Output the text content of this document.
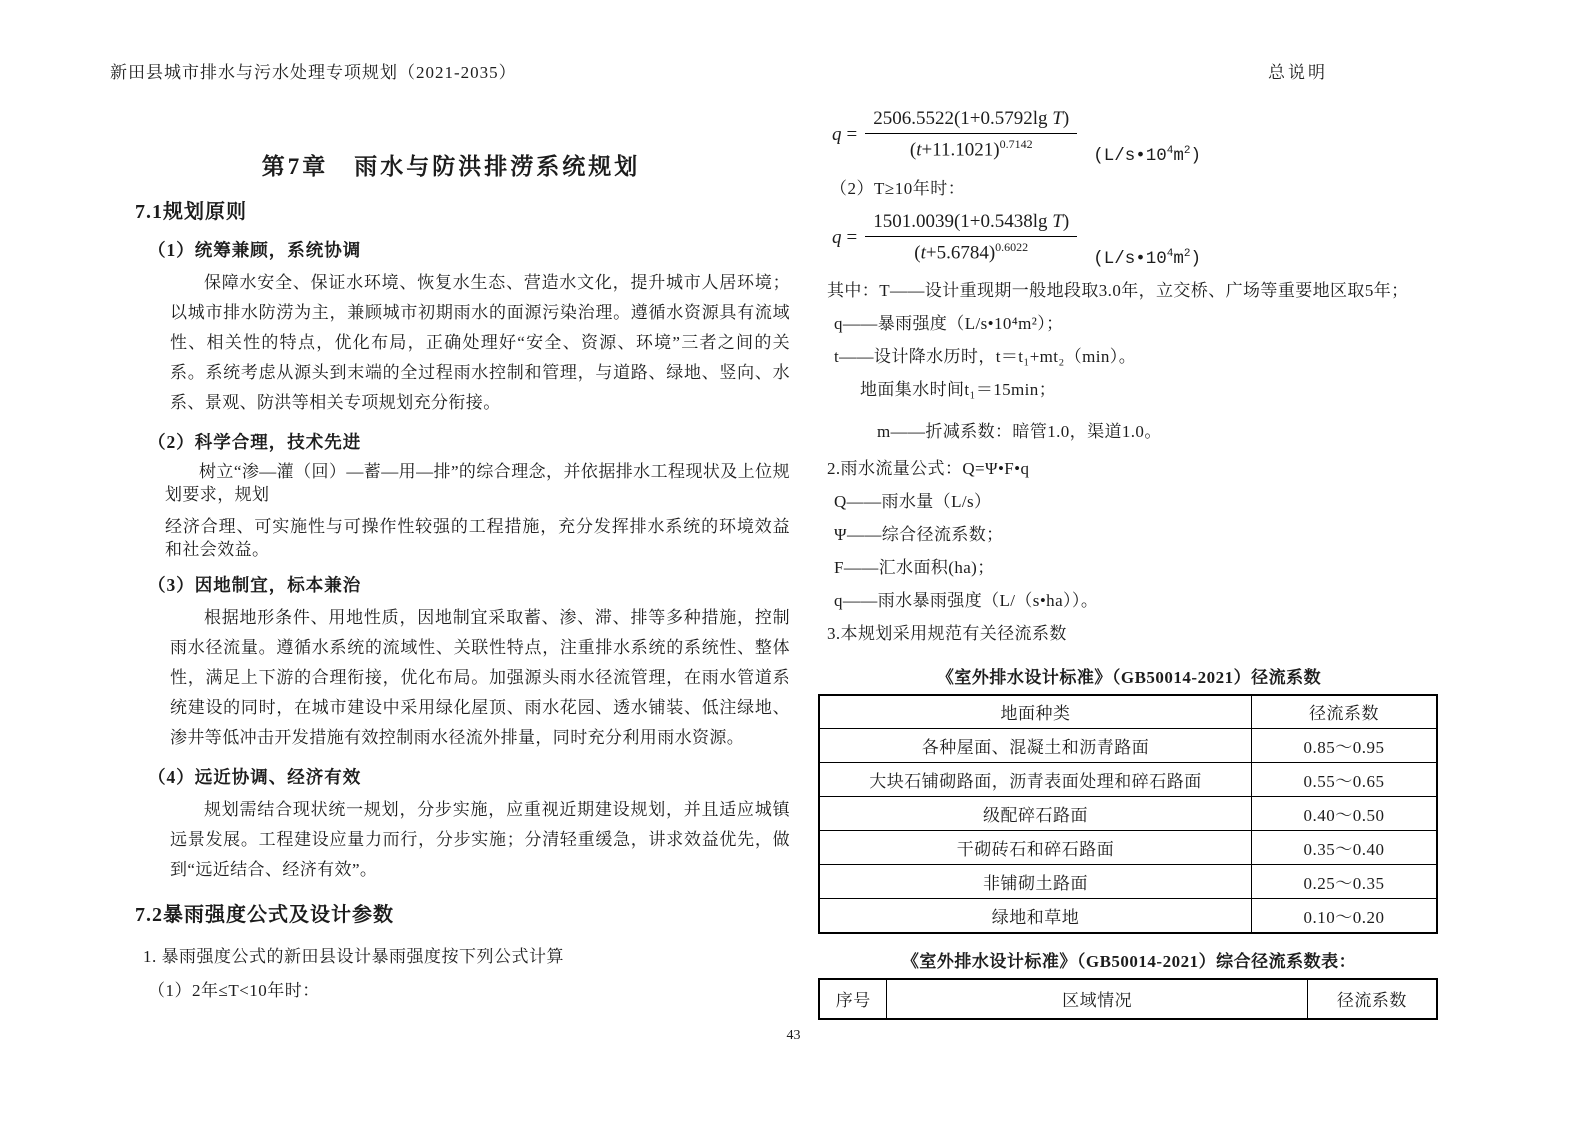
新田县城市排水与污水处理专项规划（2021-2035）	总说明
第7章　雨水与防洪排涝系统规划
7.1规划原则
（1）统筹兼顾，系统协调
保障水安全、保证水环境、恢复水生态、营造水文化，提升城市人居环境；以城市排水防涝为主，兼顾城市初期雨水的面源污染治理。遵循水资源具有流域性、相关性的特点，优化布局，正确处理好“安全、资源、环境”三者之间的关系。系统考虑从源头到末端的全过程雨水控制和管理，与道路、绿地、竖向、水系、景观、防洪等相关专项规划充分衔接。
（2）科学合理，技术先进
树立“渗—灌（回）—蓄—用—排”的综合理念，并依据排水工程现状及上位规划要求，规划
经济合理、可实施性与可操作性较强的工程措施，充分发挥排水系统的环境效益和社会效益。
（3）因地制宜，标本兼治
根据地形条件、用地性质，因地制宜采取蓄、渗、滞、排等多种措施，控制雨水径流量。遵循水系统的流域性、关联性特点，注重排水系统的系统性、整体性，满足上下游的合理衔接，优化布局。加强源头雨水径流管理，在雨水管道系统建设的同时，在城市建设中采用绿化屋顶、雨水花园、透水铺装、低注绿地、渗井等低冲击开发措施有效控制雨水径流外排量，同时充分利用雨水资源。
（4）远近协调、经济有效
规划需结合现状统一规划，分步实施，应重视近期建设规划，并且适应城镇远景发展。工程建设应量力而行，分步实施；分清轻重缓急，讲求效益优先，做到“远近结合、经济有效”。
7.2暴雨强度公式及设计参数
1. 暴雨强度公式的新田县设计暴雨强度按下列公式计算
（1）2年≤T<10年时：
$q = \frac{\text{2506.5522(1+0.5792lg T)}}{(t+11.1021)^{0.7142}}$ $(L/s•10^4m^2)$
（2）T≥10年时：
$q = \frac{\text{1501.0039(1+0.5438lg T)}}{(t+5.6784)^{0.6022}}$ $(L/s•10^4m^2)$
其中：T——设计重现期一般地段取3.0年，立交桥、广场等重要地区取5年；
q——暴雨强度（L/s•10⁴m²）；
t——设计降水历时，t＝t₁+mt₂（min）。
地面集水时间t₁＝15min；
m——折减系数：暗管1.0，渠道1.0。
2.雨水流量公式：Q=Ψ•F•q
Q——雨水量（L/s）
Ψ——综合径流系数；
F——汇水面积(ha)；
q——雨水暴雨强度（L/（s•ha））。
3.本规划采用规范有关径流系数
《室外排水设计标准》（GB50014-2021）径流系数
地面种类	径流系数
各种屋面、混凝土和沥青路面	0.85～0.95
大块石铺砌路面，沥青表面处理和碎石路面	0.55～0.65
级配碎石路面	0.40～0.50
干砌砖石和碎石路面	0.35～0.40
非铺砌土路面	0.25～0.35
绿地和草地	0.10～0.20
《室外排水设计标准》（GB50014-2021）综合径流系数表：
序号	区域情况	径流系数
43
